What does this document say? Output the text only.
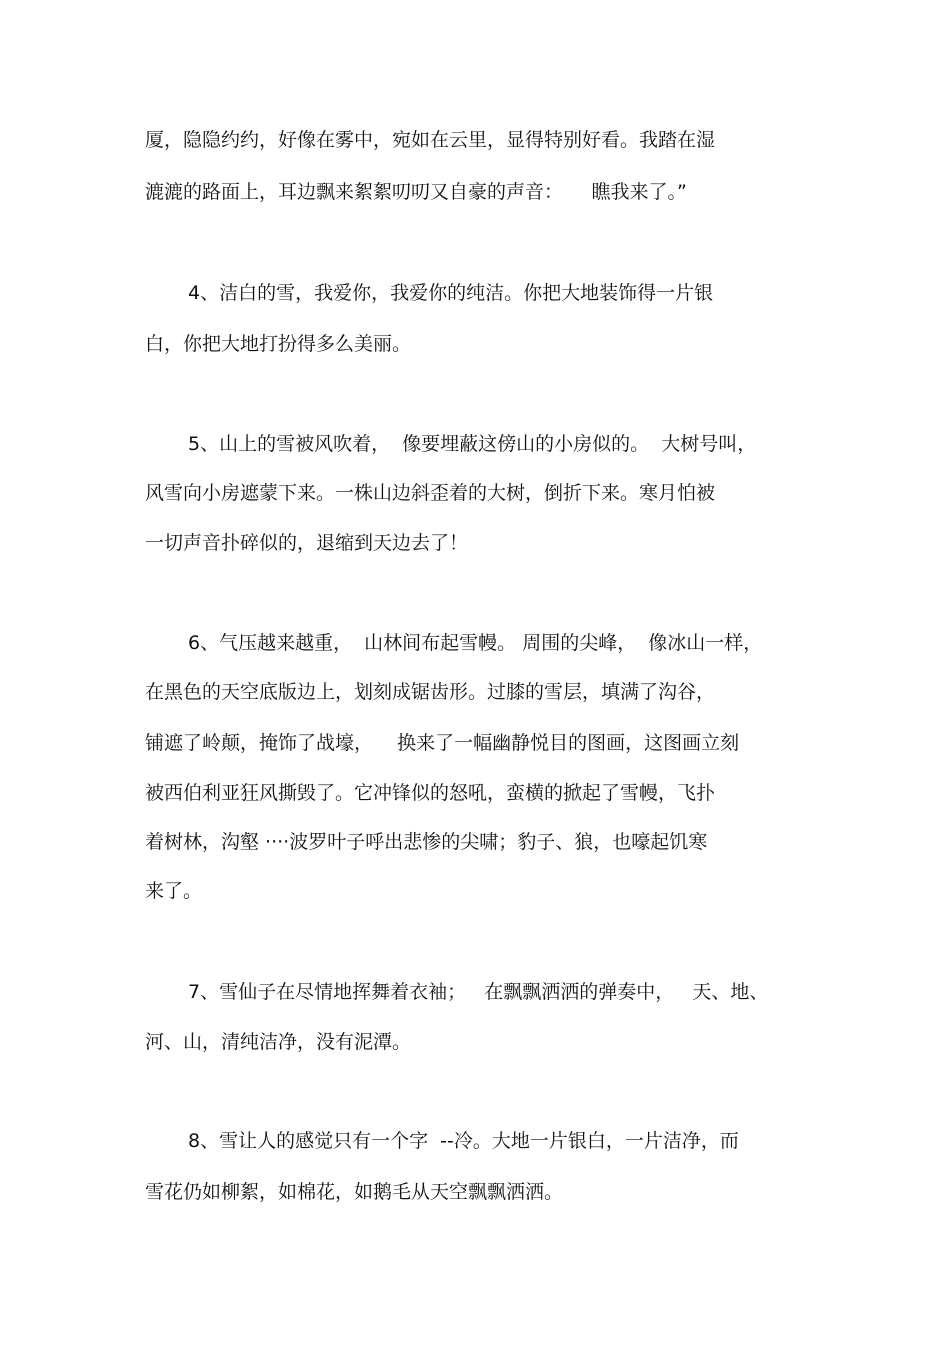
厦，隐隐约约，好像在雾中，宛如在云里，显得特别好看。我踏在湿
漉漉的路面上，耳边飘来絮絮叨叨又自豪的声音：　　瞧我来了。”
4、洁白的雪，我爱你，我爱你的纯洁。你把大地装饰得一片银
白，你把大地打扮得多么美丽。
5、山上的雪被风吹着，  像要埋蔽这傍山的小房似的。  大树号叫，
风雪向小房遮蒙下来。一株山边斜歪着的大树，倒折下来。寒月怕被
一切声音扑碎似的，退缩到天边去了！
6、气压越来越重，  山林间布起雪幔。 周围的尖峰，  像冰山一样，
在黑色的天空底版边上，划刻成锯齿形。过膝的雪层，填满了沟谷，
铺遮了岭颠，掩饰了战壕，    换来了一幅幽静悦目的图画，这图画立刻
被西伯利亚狂风撕毁了。它冲锋似的怒吼，蛮横的掀起了雪幔，飞扑
着树林，沟壑 ····波罗叶子呼出悲惨的尖啸；豹子、狼，也嚎起饥寒
来了。
7、雪仙子在尽情地挥舞着衣袖；   在飘飘洒洒的弹奏中，   天、地、
河、山，清纯洁净，没有泥潭。
8、雪让人的感觉只有一个字  --冷。大地一片银白，一片洁净，而
雪花仍如柳絮，如棉花，如鹅毛从天空飘飘洒洒。
